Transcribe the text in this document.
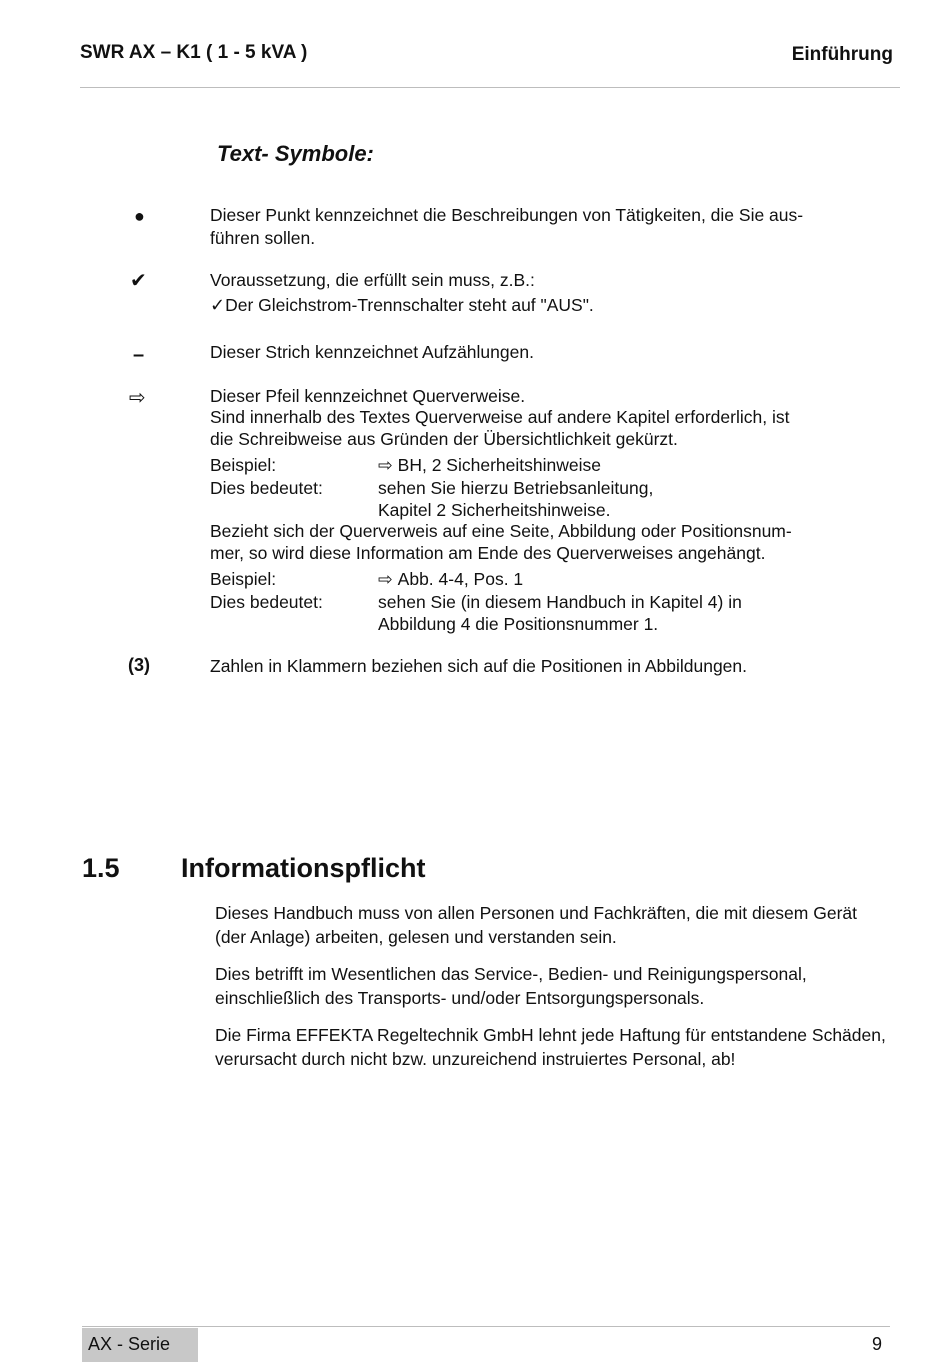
SWR AX – K1 ( 1 - 5 kVA )	Einführung
Text- Symbole:
●	Dieser Punkt kennzeichnet die Beschreibungen von Tätigkeiten, die Sie aus-
führen sollen.
✔	Voraussetzung, die erfüllt sein muss, z.B.:
✓Der Gleichstrom-Trennschalter steht auf "AUS".
–	Dieser Strich kennzeichnet Aufzählungen.
⇨	Dieser Pfeil kennzeichnet Querverweise.
Sind innerhalb des Textes Querverweise auf andere Kapitel erforderlich, ist
die Schreibweise aus Gründen der Übersichtlichkeit gekürzt.
Beispiel:	⇨ BH, 2 Sicherheitshinweise
Dies bedeutet:	sehen Sie hierzu Betriebsanleitung,
Kapitel 2 Sicherheitshinweise.
Bezieht sich der Querverweis auf eine Seite, Abbildung oder Positionsnum-
mer, so wird diese Information am Ende des Querverweises angehängt.
Beispiel:	⇨ Abb. 4-4, Pos. 1
Dies bedeutet:	sehen Sie (in diesem Handbuch in Kapitel 4) in
Abbildung 4 die Positionsnummer 1.
(3)	Zahlen in Klammern beziehen sich auf die Positionen in Abbildungen.
1.5 Informationspflicht
Dieses Handbuch muss von allen Personen und Fachkräften, die mit diesem Gerät (der Anlage) arbeiten, gelesen und verstanden sein.
Dies betrifft im Wesentlichen das Service-, Bedien- und Reinigungspersonal, einschließlich des Transports- und/oder Entsorgungspersonals.
Die Firma EFFEKTA Regeltechnik GmbH lehnt jede Haftung für entstandene Schäden, verursacht durch nicht bzw. unzureichend instruiertes Personal, ab!
AX - Serie	9
